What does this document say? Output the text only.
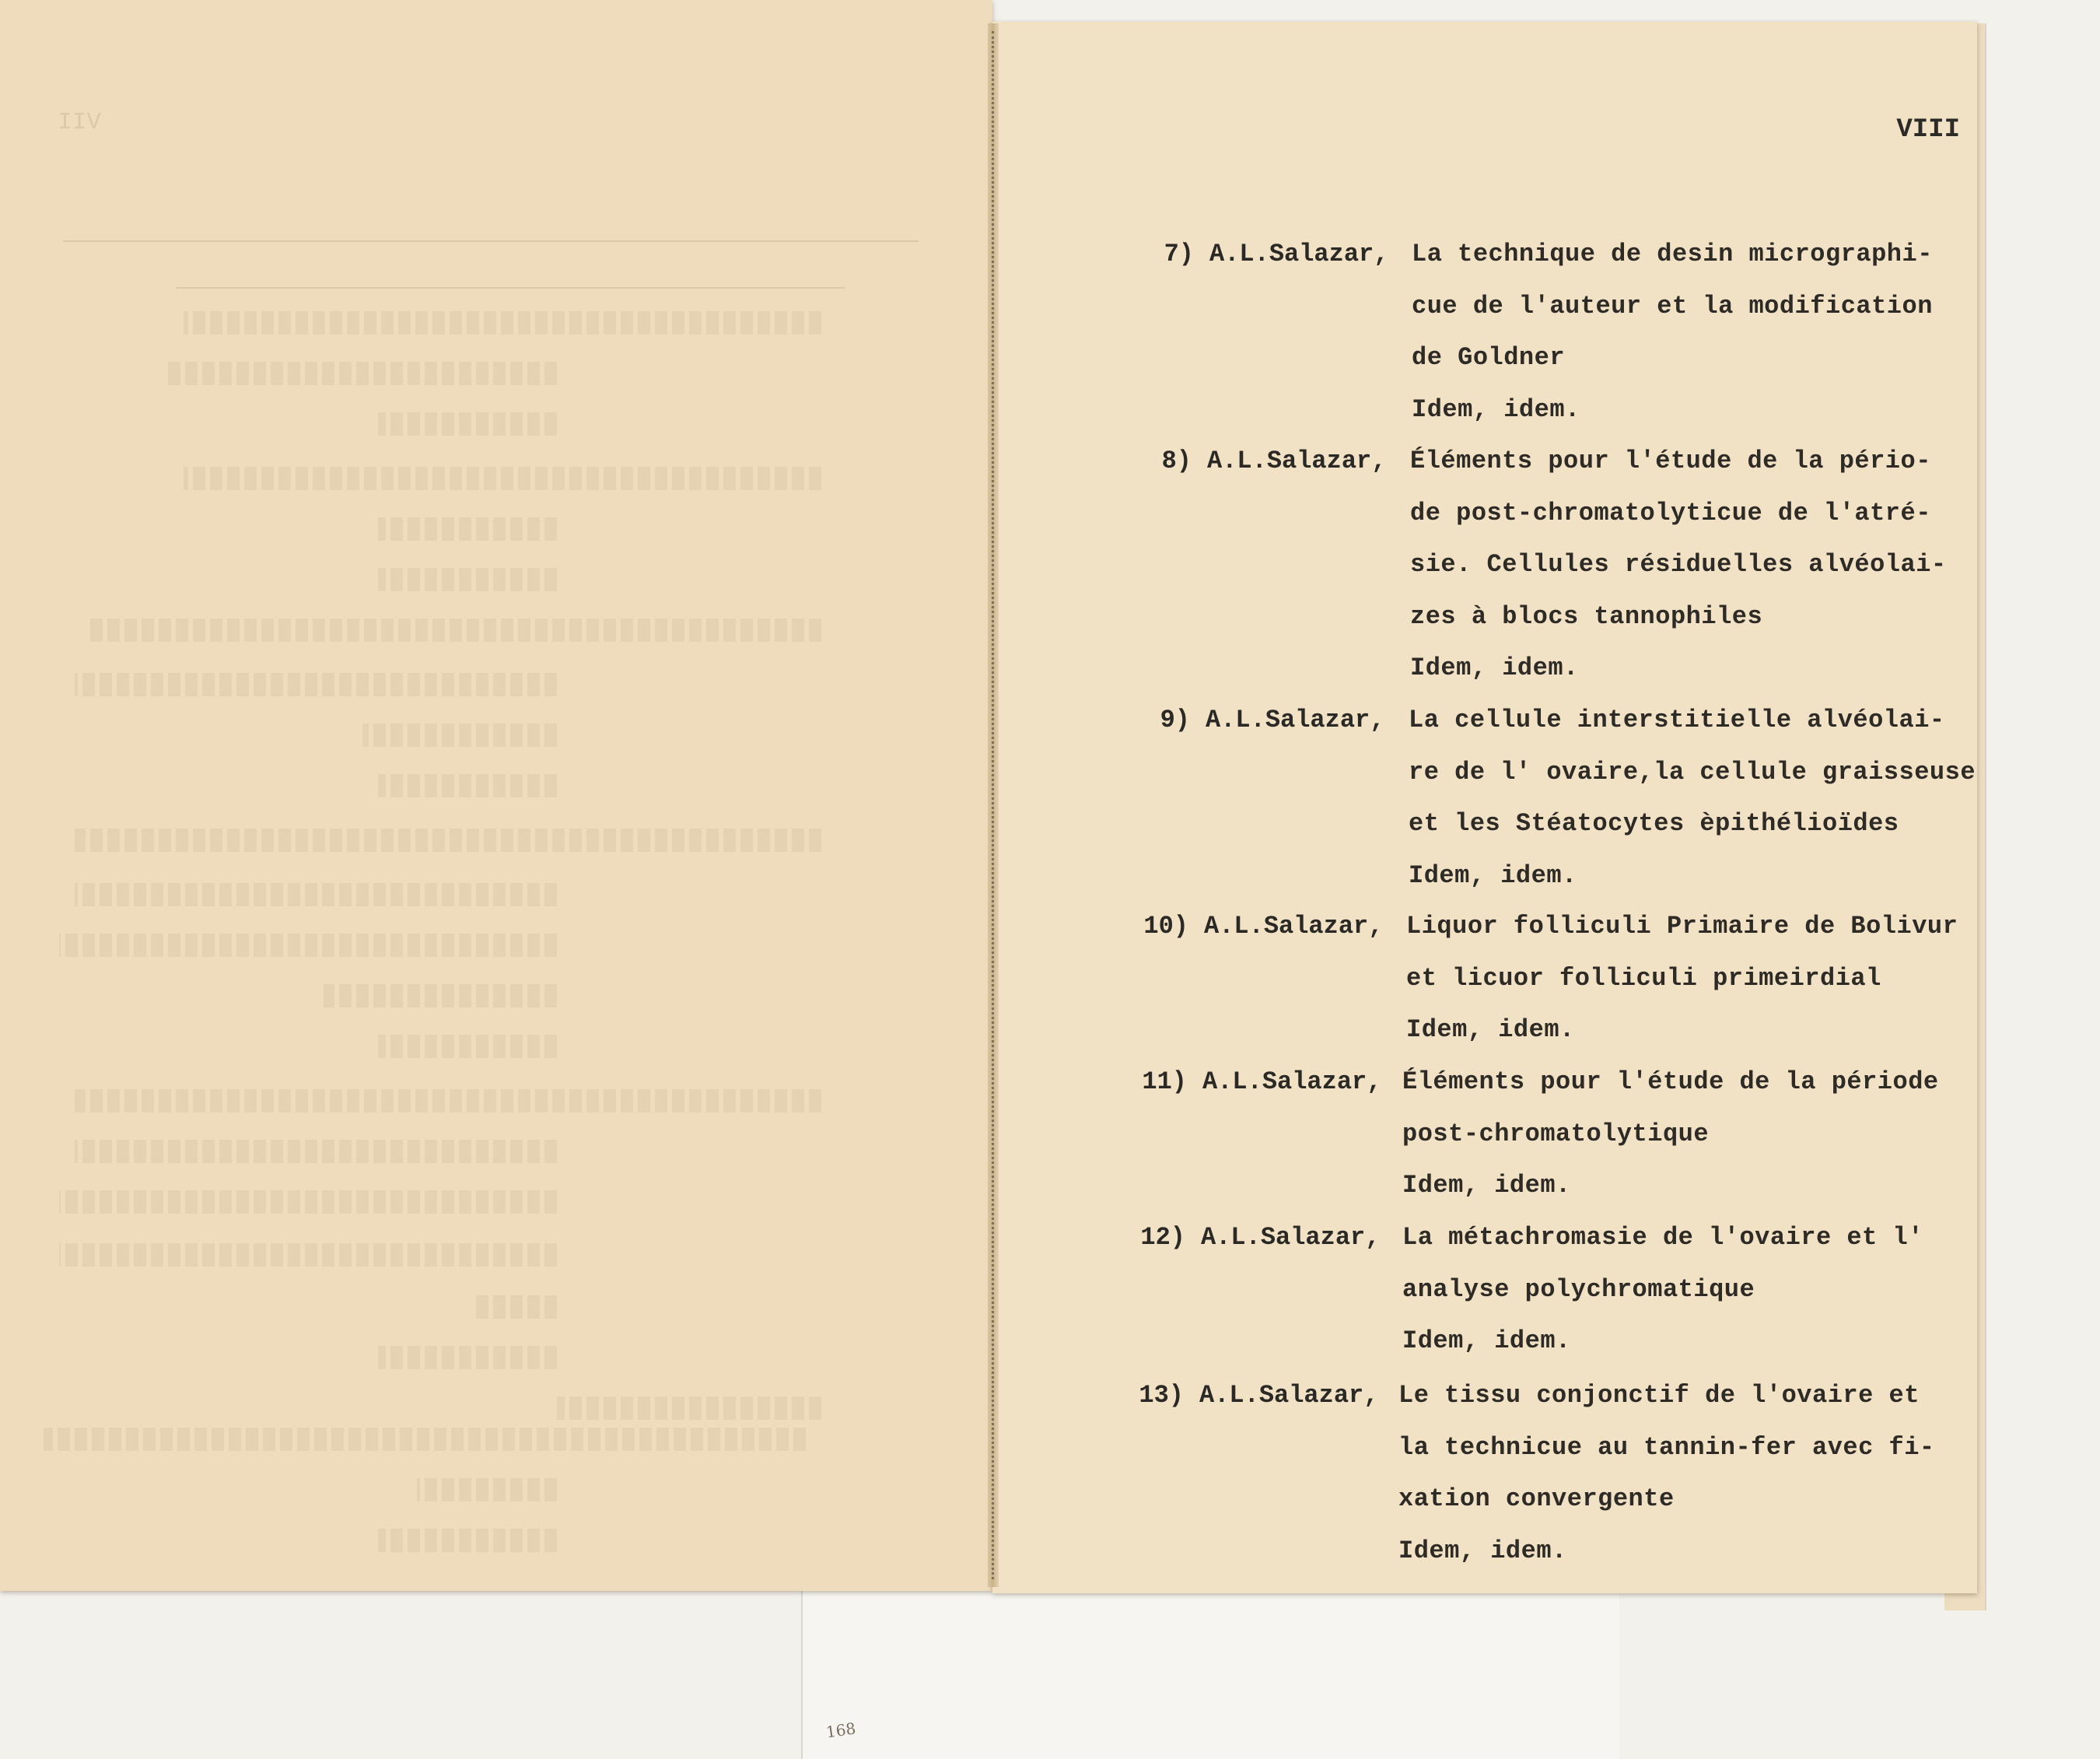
VII	VIII
7) A.L.Salazar, La technique de desin micrographi-
cue de l'auteur et la modification
de Goldner
Idem, idem.
8) A.L.Salazar, Éléments pour l'étude de la pério-
de post-chromatolyticue de l'atré-
sie. Cellules résiduelles alvéolai-
zes à blocs tannophiles
Idem, idem.
9) A.L.Salazar, La cellule interstitielle alvéolai-
re de l' ovaire,la cellule graisseuse
et les Stéatocytes èpithélioïdes
Idem, idem.
10) A.L.Salazar, Liquor folliculi Primaire de Bolivur
et licuor folliculi primeirdial
Idem, idem.
11) A.L.Salazar, Éléments pour l'étude de la période
post-chromatolytique
Idem, idem.
12) A.L.Salazar, La métachromasie de l'ovaire et l'
analyse polychromatique
Idem, idem.
13) A.L.Salazar, Le tissu conjonctif de l'ovaire et
la technicue au tannin-fer avec fi-
xation convergente
Idem, idem.
168
